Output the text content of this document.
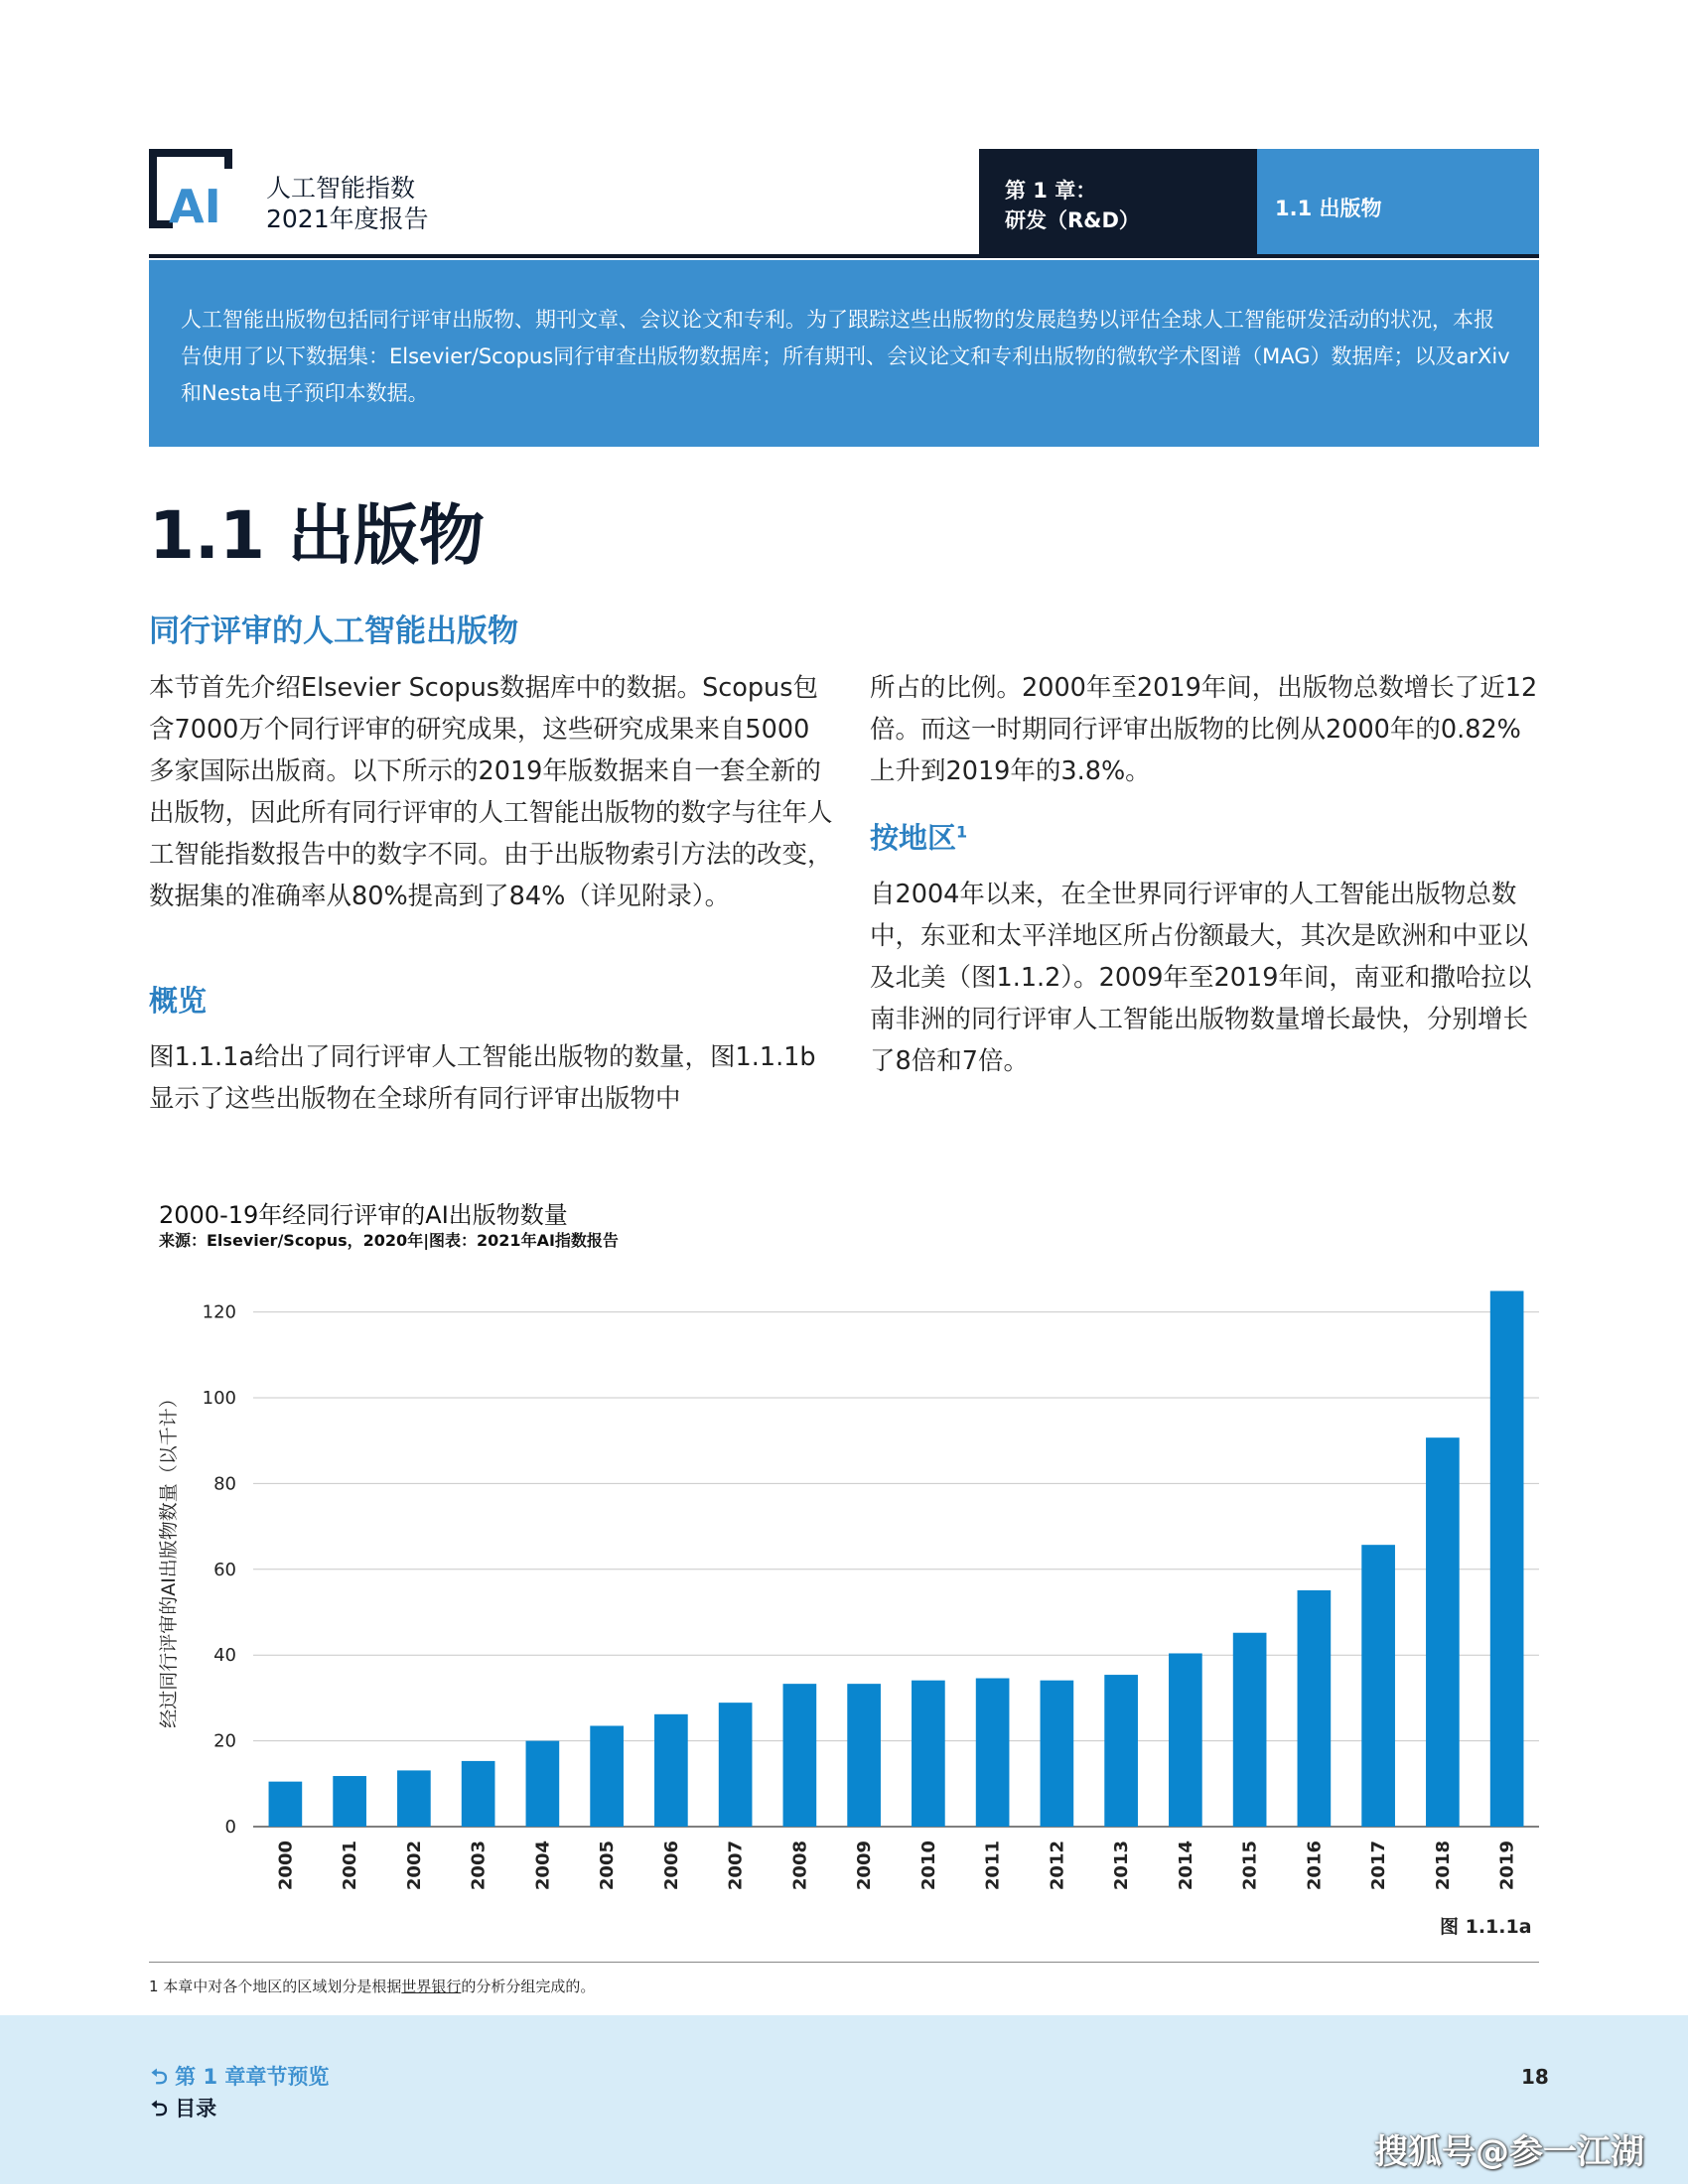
AI 人工智能指数
2021年度报告
第 1 章：
研发（R&D）	1.1 出版物
人工智能出版物包括同行评审出版物、期刊文章、会议论文和专利。为了跟踪这些出版物的发展趋势以评估全球人工智能研发活动的状况，本报告使用了以下数据集：Elsevier/Scopus同行审查出版物数据库；所有期刊、会议论文和专利出版物的微软学术图谱（MAG）数据库；以及arXiv和Nesta电子预印本数据。
1.1 出版物
同行评审的人工智能出版物
本节首先介绍Elsevier Scopus数据库中的数据。Scopus包含7000万个同行评审的研究成果，这些研究成果来自5000多家国际出版商。以下所示的2019年版数据来自一套全新的出版物，因此所有同行评审的人工智能出版物的数字与往年人工智能指数报告中的数字不同。由于出版物索引方法的改变，数据集的准确率从80%提高到了84%（详见附录）。
概览
图1.1.1a给出了同行评审人工智能出版物的数量，图1.1.1b显示了这些出版物在全球所有同行评审出版物中
所占的比例。2000年至2019年间，出版物总数增长了近12倍。而这一时期同行评审出版物的比例从2000年的0.82%上升到2019年的3.8%。
按地区$^1$
自2004年以来，在全世界同行评审的人工智能出版物总数中，东亚和太平洋地区所占份额最大，其次是欧洲和中亚以及北美（图1.1.2）。2009年至2019年间，南亚和撒哈拉以南非洲的同行评审人工智能出版物数量增长最快，分别增长了8倍和7倍。
2000-19年经同行评审的AI出版物数量
来源：Elsevier/Scopus，2020年|图表：2021年AI指数报告
0
20
40
60
80
100
120
2000 2001 2002 2003 2004 2005 2006 2007 2008 2009 2010 2011 2012 2013 2014 2015 2016 2017 2018 2019
经过同行评审的AI出版物数量（以千计）
图 1.1.1a
1 本章中对各个地区的区域划分是根据世界银行的分析分组完成的。
⮌ 第 1 章章节预览
⮌ 目录
18
搜狐号@参一江湖
